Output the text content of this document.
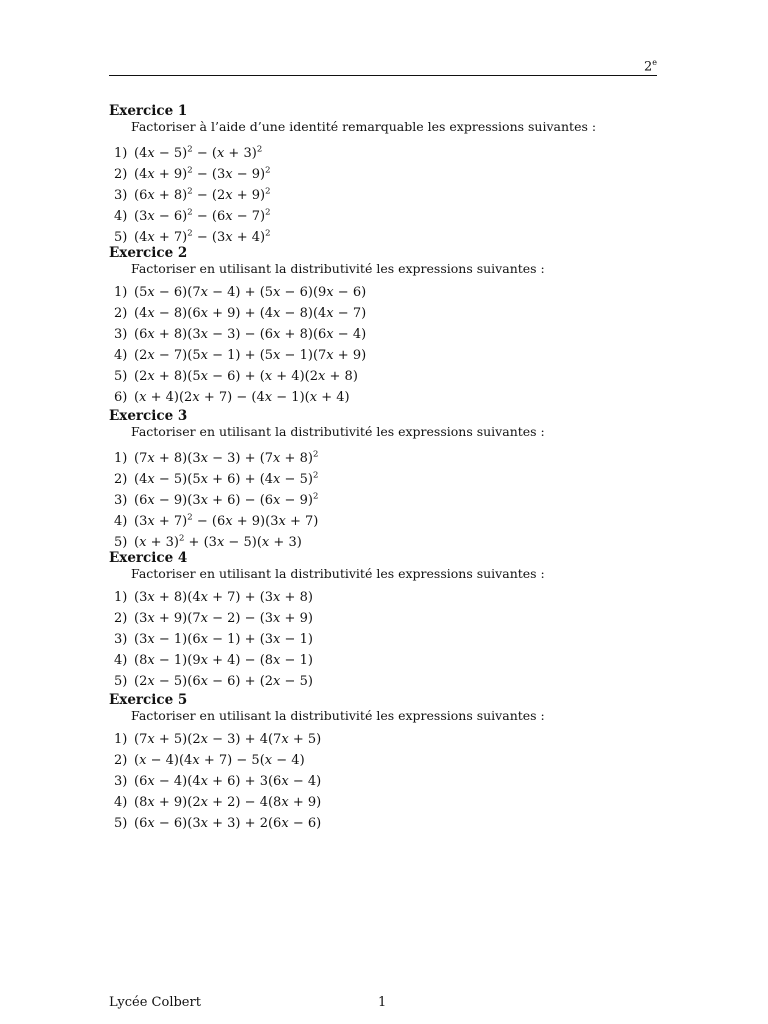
2e
Exercice 1
Factoriser à l’aide d’une identité remarquable les expressions suivantes :
1) $(4x - 5)^2 - (x + 3)^2$
2) $(4x + 9)^2 - (3x - 9)^2$
3) $(6x + 8)^2 - (2x + 9)^2$
4) $(3x - 6)^2 - (6x - 7)^2$
5) $(4x + 7)^2 - (3x + 4)^2$
Exercice 2
Factoriser en utilisant la distributivité les expressions suivantes :
1) (5x − 6)(7x − 4) + (5x − 6)(9x − 6)
2) (4x − 8)(6x + 9) + (4x − 8)(4x − 7)
3) (6x + 8)(3x − 3) − (6x + 8)(6x − 4)
4) (2x − 7)(5x − 1) + (5x − 1)(7x + 9)
5) (2x + 8)(5x − 6) + (x + 4)(2x + 8)
6) (x + 4)(2x + 7) − (4x − 1)(x + 4)
Exercice 3
Factoriser en utilisant la distributivité les expressions suivantes :
1) $(7x + 8)(3x - 3) + (7x + 8)^2$
2) $(4x - 5)(5x + 6) + (4x - 5)^2$
3) $(6x - 9)(3x + 6) - (6x - 9)^2$
4) $(3x + 7)^2 - (6x + 9)(3x + 7)$
5) $(x + 3)^2 + (3x - 5)(x + 3)$
Exercice 4
Factoriser en utilisant la distributivité les expressions suivantes :
1) (3x + 8)(4x + 7) + (3x + 8)
2) (3x + 9)(7x − 2) − (3x + 9)
3) (3x − 1)(6x − 1) + (3x − 1)
4) (8x − 1)(9x + 4) − (8x − 1)
5) (2x − 5)(6x − 6) + (2x − 5)
Exercice 5
Factoriser en utilisant la distributivité les expressions suivantes :
1) (7x + 5)(2x − 3) + 4(7x + 5)
2) (x − 4)(4x + 7) − 5(x − 4)
3) (6x − 4)(4x + 6) + 3(6x − 4)
4) (8x + 9)(2x + 2) − 4(8x + 9)
5) (6x − 6)(3x + 3) + 2(6x − 6)
Lycée Colbert	1
